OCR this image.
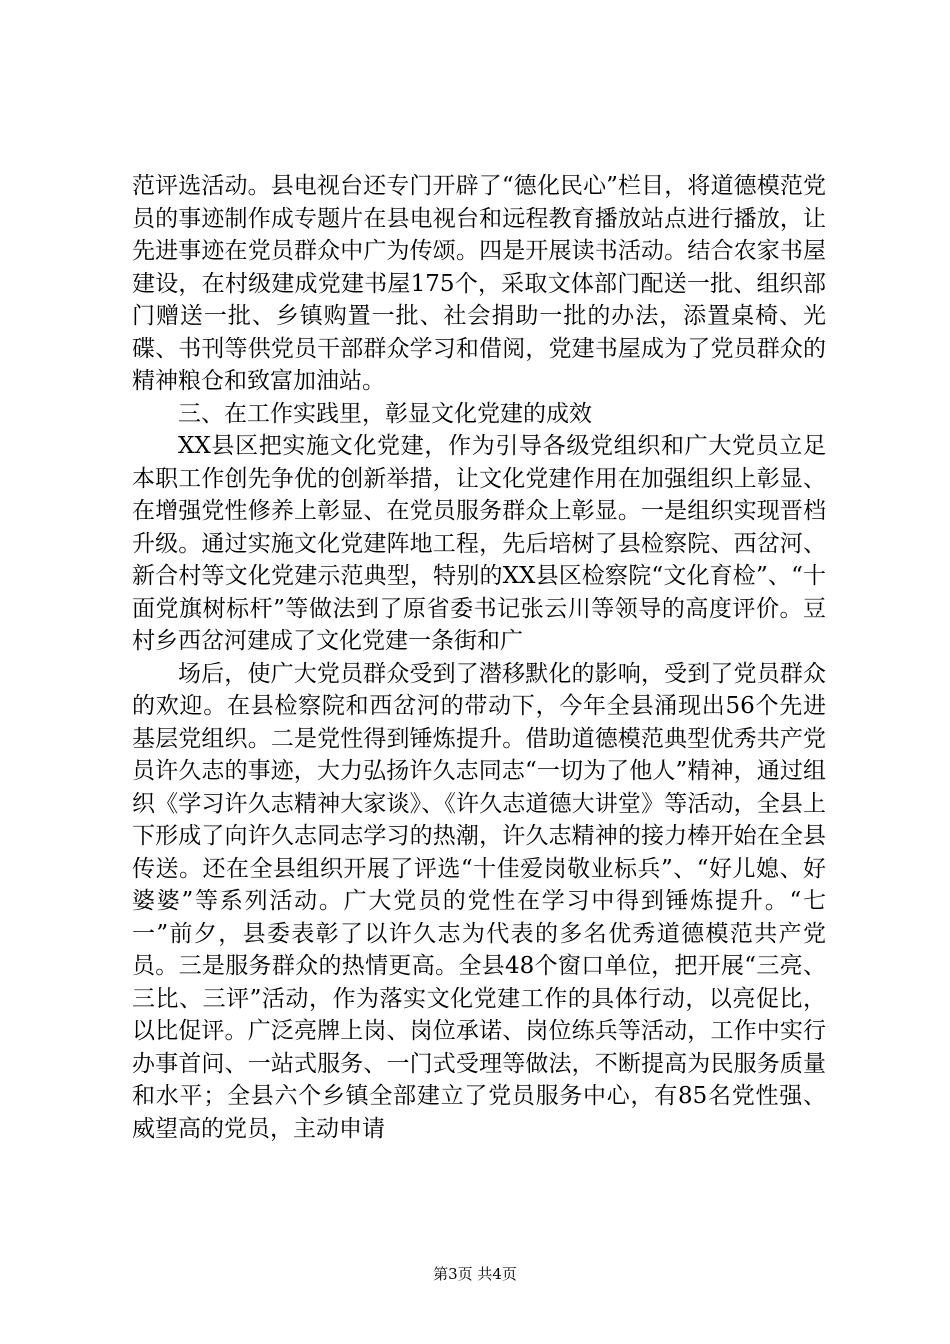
范评选活动。县电视台还专门开辟了“德化民心”栏目，将道德模范党员的事迹制作成专题片在县电视台和远程教育播放站点进行播放，让先进事迹在党员群众中广为传颂。四是开展读书活动。结合农家书屋建设，在村级建成党建书屋175个，采取文体部门配送一批、组织部门赠送一批、乡镇购置一批、社会捐助一批的办法，添置桌椅、光碟、书刊等供党员干部群众学习和借阅，党建书屋成为了党员群众的精神粮仓和致富加油站。

三、在工作实践里，彰显文化党建的成效

XX县区把实施文化党建，作为引导各级党组织和广大党员立足本职工作创先争优的创新举措，让文化党建作用在加强组织上彰显、在增强党性修养上彰显、在党员服务群众上彰显。一是组织实现晋档升级。通过实施文化党建阵地工程，先后培树了县检察院、西岔河、新合村等文化党建示范典型，特别的XX县区检察院“文化育检”、“十面党旗树标杆”等做法到了原省委书记张云川等领导的高度评价。豆村乡西岔河建成了文化党建一条街和广

场后，使广大党员群众受到了潜移默化的影响，受到了党员群众的欢迎。在县检察院和西岔河的带动下，今年全县涌现出56个先进基层党组织。二是党性得到锤炼提升。借助道德模范典型优秀共产党员许久志的事迹，大力弘扬许久志同志“一切为了他人”精神，通过组织《学习许久志精神大家谈》、《许久志道德大讲堂》等活动，全县上下形成了向许久志同志学习的热潮，许久志精神的接力棒开始在全县传送。还在全县组织开展了评选“十佳爱岗敬业标兵”、“好儿媳、好婆婆”等系列活动。广大党员的党性在学习中得到锤炼提升。“七一”前夕，县委表彰了以许久志为代表的多名优秀道德模范共产党员。三是服务群众的热情更高。全县48个窗口单位，把开展“三亮、三比、三评”活动，作为落实文化党建工作的具体行动，以亮促比，以比促评。广泛亮牌上岗、岗位承诺、岗位练兵等活动，工作中实行办事首问、一站式服务、一门式受理等做法，不断提高为民服务质量和水平；全县六个乡镇全部建立了党员服务中心，有85名党性强、威望高的党员，主动申请

第3页 共4页
